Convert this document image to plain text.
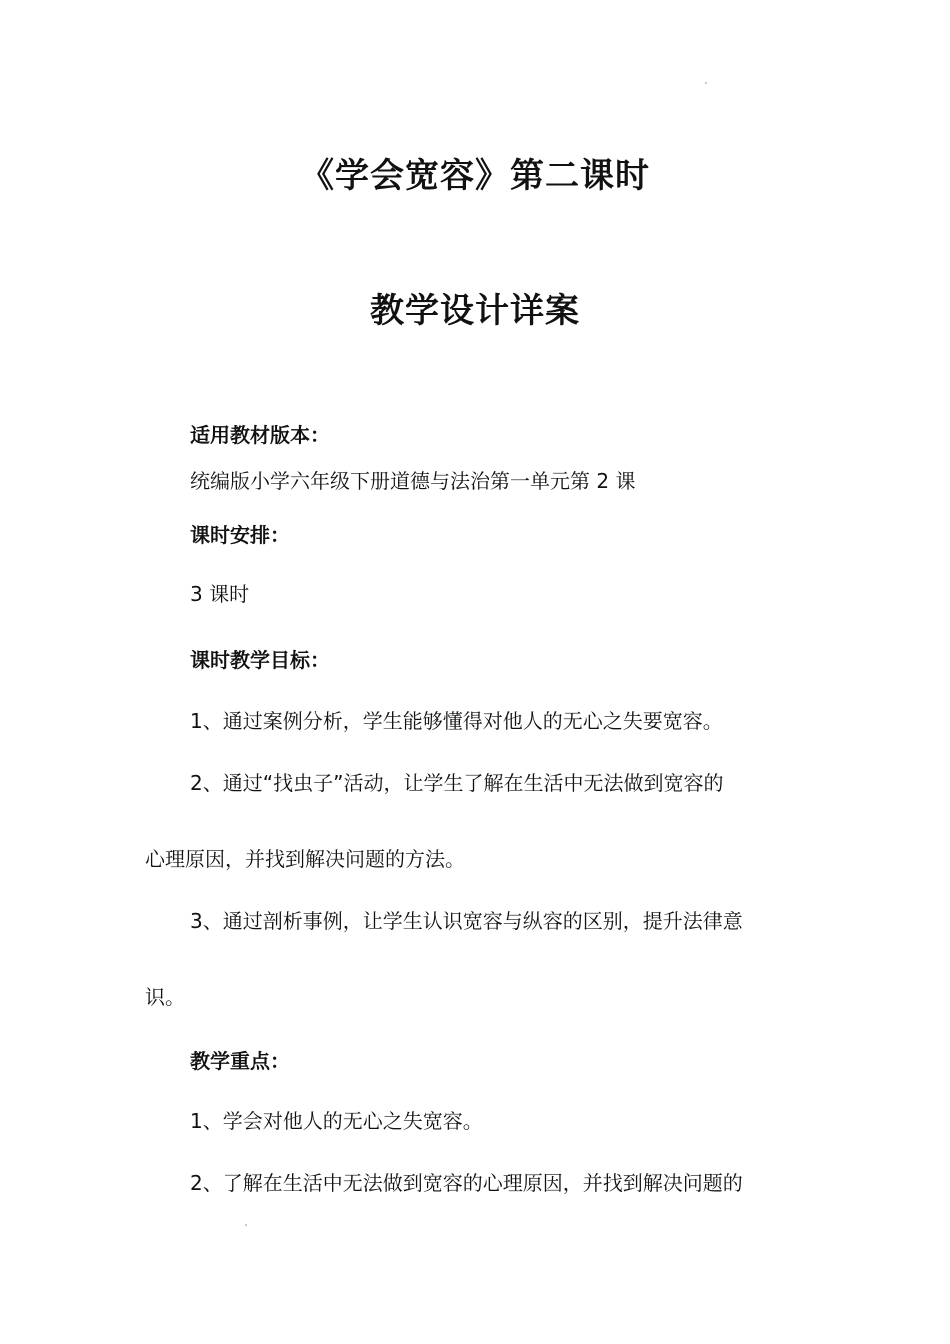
《学会宽容》第二课时
教学设计详案

适用教材版本：

统编版小学六年级下册道德与法治第一单元第 2 课

课时安排：

3 课时

课时教学目标：

1、通过案例分析，学生能够懂得对他人的无心之失要宽容。

2、通过“找虫子”活动，让学生了解在生活中无法做到宽容的

心理原因，并找到解决问题的方法。

3、通过剖析事例，让学生认识宽容与纵容的区别，提升法律意

识。

教学重点：

1、学会对他人的无心之失宽容。

2、了解在生活中无法做到宽容的心理原因，并找到解决问题的
